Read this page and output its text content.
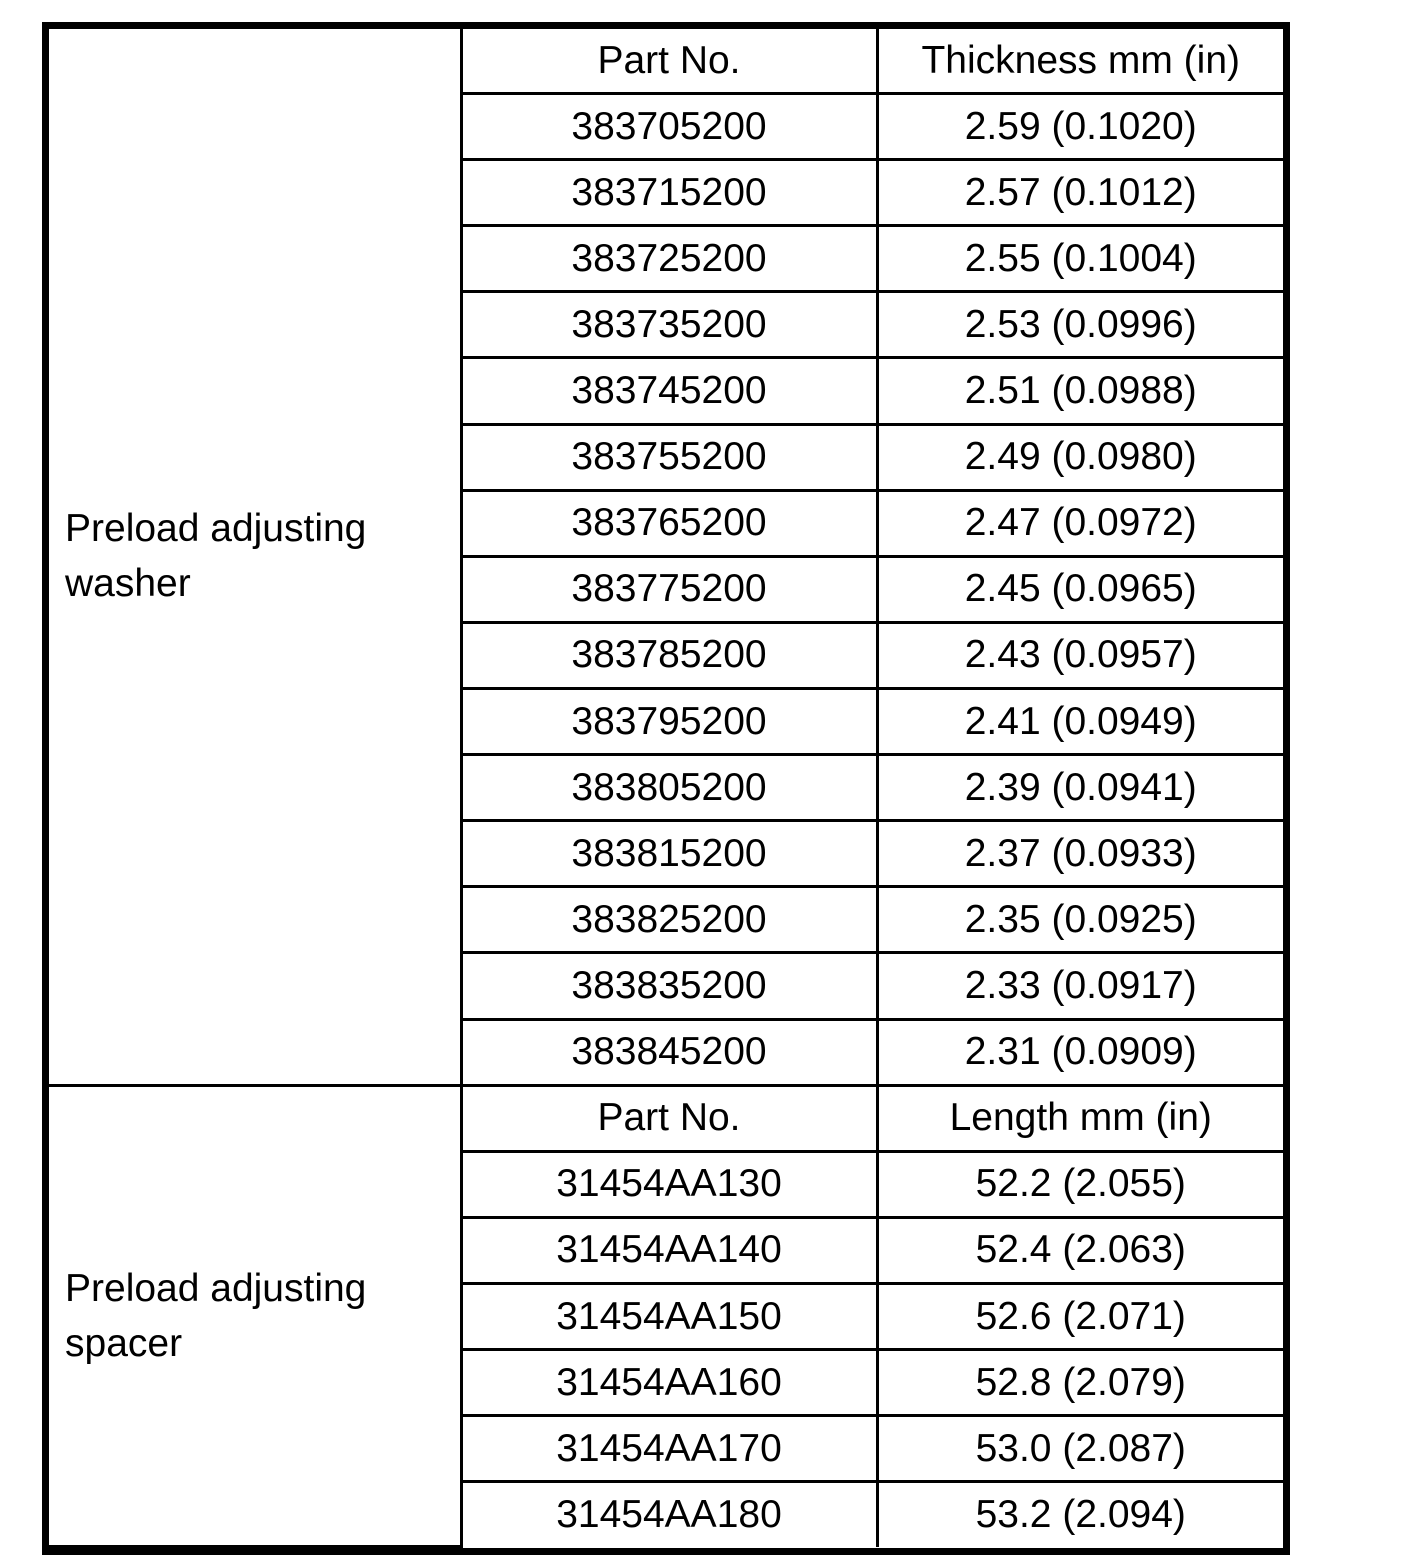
Preload adjusting
washer	Part No.	Thickness mm (in)
	383705200	2.59 (0.1020)
	383715200	2.57 (0.1012)
	383725200	2.55 (0.1004)
	383735200	2.53 (0.0996)
	383745200	2.51 (0.0988)
	383755200	2.49 (0.0980)
	383765200	2.47 (0.0972)
	383775200	2.45 (0.0965)
	383785200	2.43 (0.0957)
	383795200	2.41 (0.0949)
	383805200	2.39 (0.0941)
	383815200	2.37 (0.0933)
	383825200	2.35 (0.0925)
	383835200	2.33 (0.0917)
	383845200	2.31 (0.0909)

Preload adjusting
spacer	Part No.	Length mm (in)
	31454AA130	52.2 (2.055)
	31454AA140	52.4 (2.063)
	31454AA150	52.6 (2.071)
	31454AA160	52.8 (2.079)
	31454AA170	53.0 (2.087)
	31454AA180	53.2 (2.094)
